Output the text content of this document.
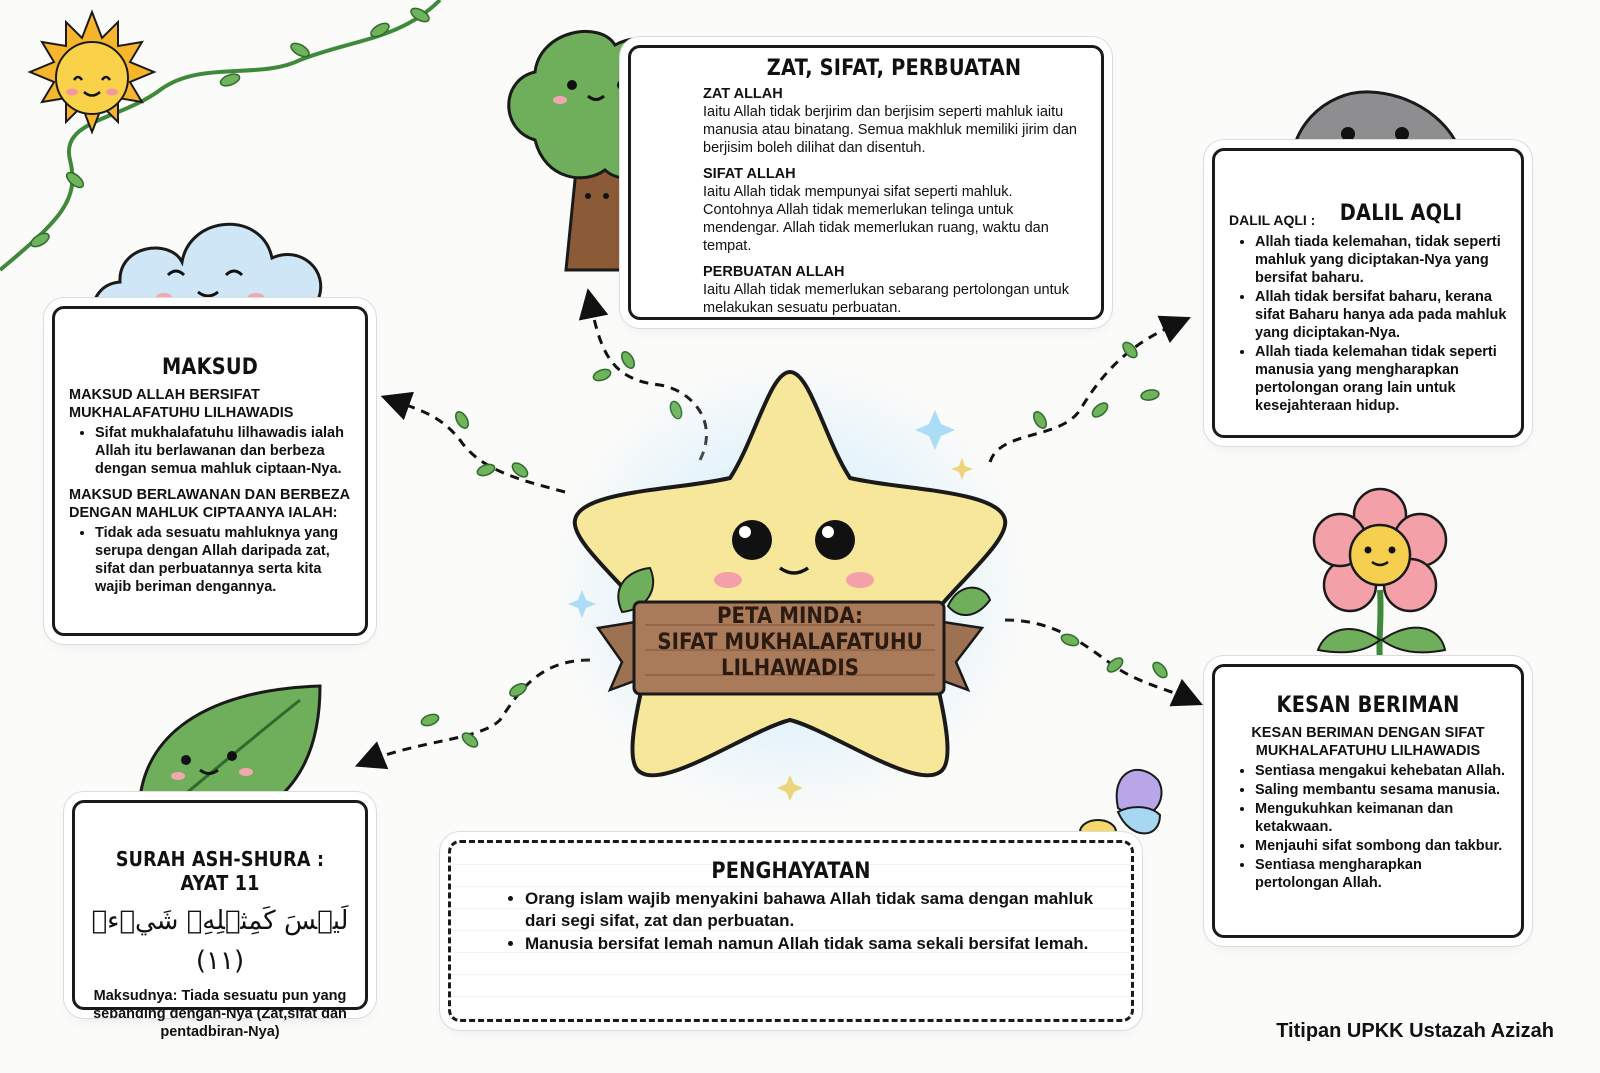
PETA MINDA:
SIFAT MUKHALAFATUHU
LILHAWADIS
ZAT, SIFAT, PERBUATAN
ZAT ALLAH
Iaitu Allah tidak berjirim dan berjisim seperti mahluk iaitu manusia atau binatang. Semua makhluk memiliki jirim dan berjisim boleh dilihat dan disentuh.
SIFAT ALLAH
Iaitu Allah tidak mempunyai sifat seperti mahluk. Contohnya Allah tidak memerlukan telinga untuk mendengar. Allah tidak memerlukan ruang, waktu dan tempat.
PERBUATAN ALLAH
Iaitu Allah tidak memerlukan sebarang pertolongan untuk melakukan sesuatu perbuatan.
DALIL AQLI :	DALIL AQLI
• Allah tiada kelemahan, tidak seperti mahluk yang diciptakan-Nya yang bersifat baharu.
• Allah tidak bersifat baharu, kerana sifat Baharu hanya ada pada mahluk yang diciptakan-Nya.
• Allah tiada kelemahan tidak seperti manusia yang mengharapkan pertolongan orang lain untuk kesejahteraan hidup.
MAKSUD
MAKSUD ALLAH BERSIFAT MUKHALAFATUHU LILHAWADIS
• Sifat mukhalafatuhu lilhawadis ialah Allah itu berlawanan dan berbeza dengan semua mahluk ciptaan-Nya.
MAKSUD BERLAWANAN DAN BERBEZA DENGAN MAHLUK CIPTAANYA IALAH:
• Tidak ada sesuatu mahluknya yang serupa dengan Allah daripada zat, sifat dan perbuatannya serta kita wajib beriman dengannya.
KESAN BERIMAN
KESAN BERIMAN DENGAN SIFAT MUKHALAFATUHU LILHAWADIS
• Sentiasa mengakui kehebatan Allah.
• Saling membantu sesama manusia.
• Mengukuhkan keimanan dan ketakwaan.
• Menjauhi sifat sombong dan takbur.
• Sentiasa mengharapkan pertolongan Allah.
SURAH ASH-SHURA : AYAT 11
لَيۡسَ كَمِثۡلِهِۦ شَيۡءٞ (١١)
Maksudnya: Tiada sesuatu pun yang sebanding dengan-Nya (Zat,sifat dan pentadbiran-Nya)
PENGHAYATAN
• Orang islam wajib menyakini bahawa Allah tidak sama dengan mahluk dari segi sifat, zat dan perbuatan.
• Manusia bersifat lemah namun Allah tidak sama sekali bersifat lemah.
Titipan UPKK Ustazah Azizah
